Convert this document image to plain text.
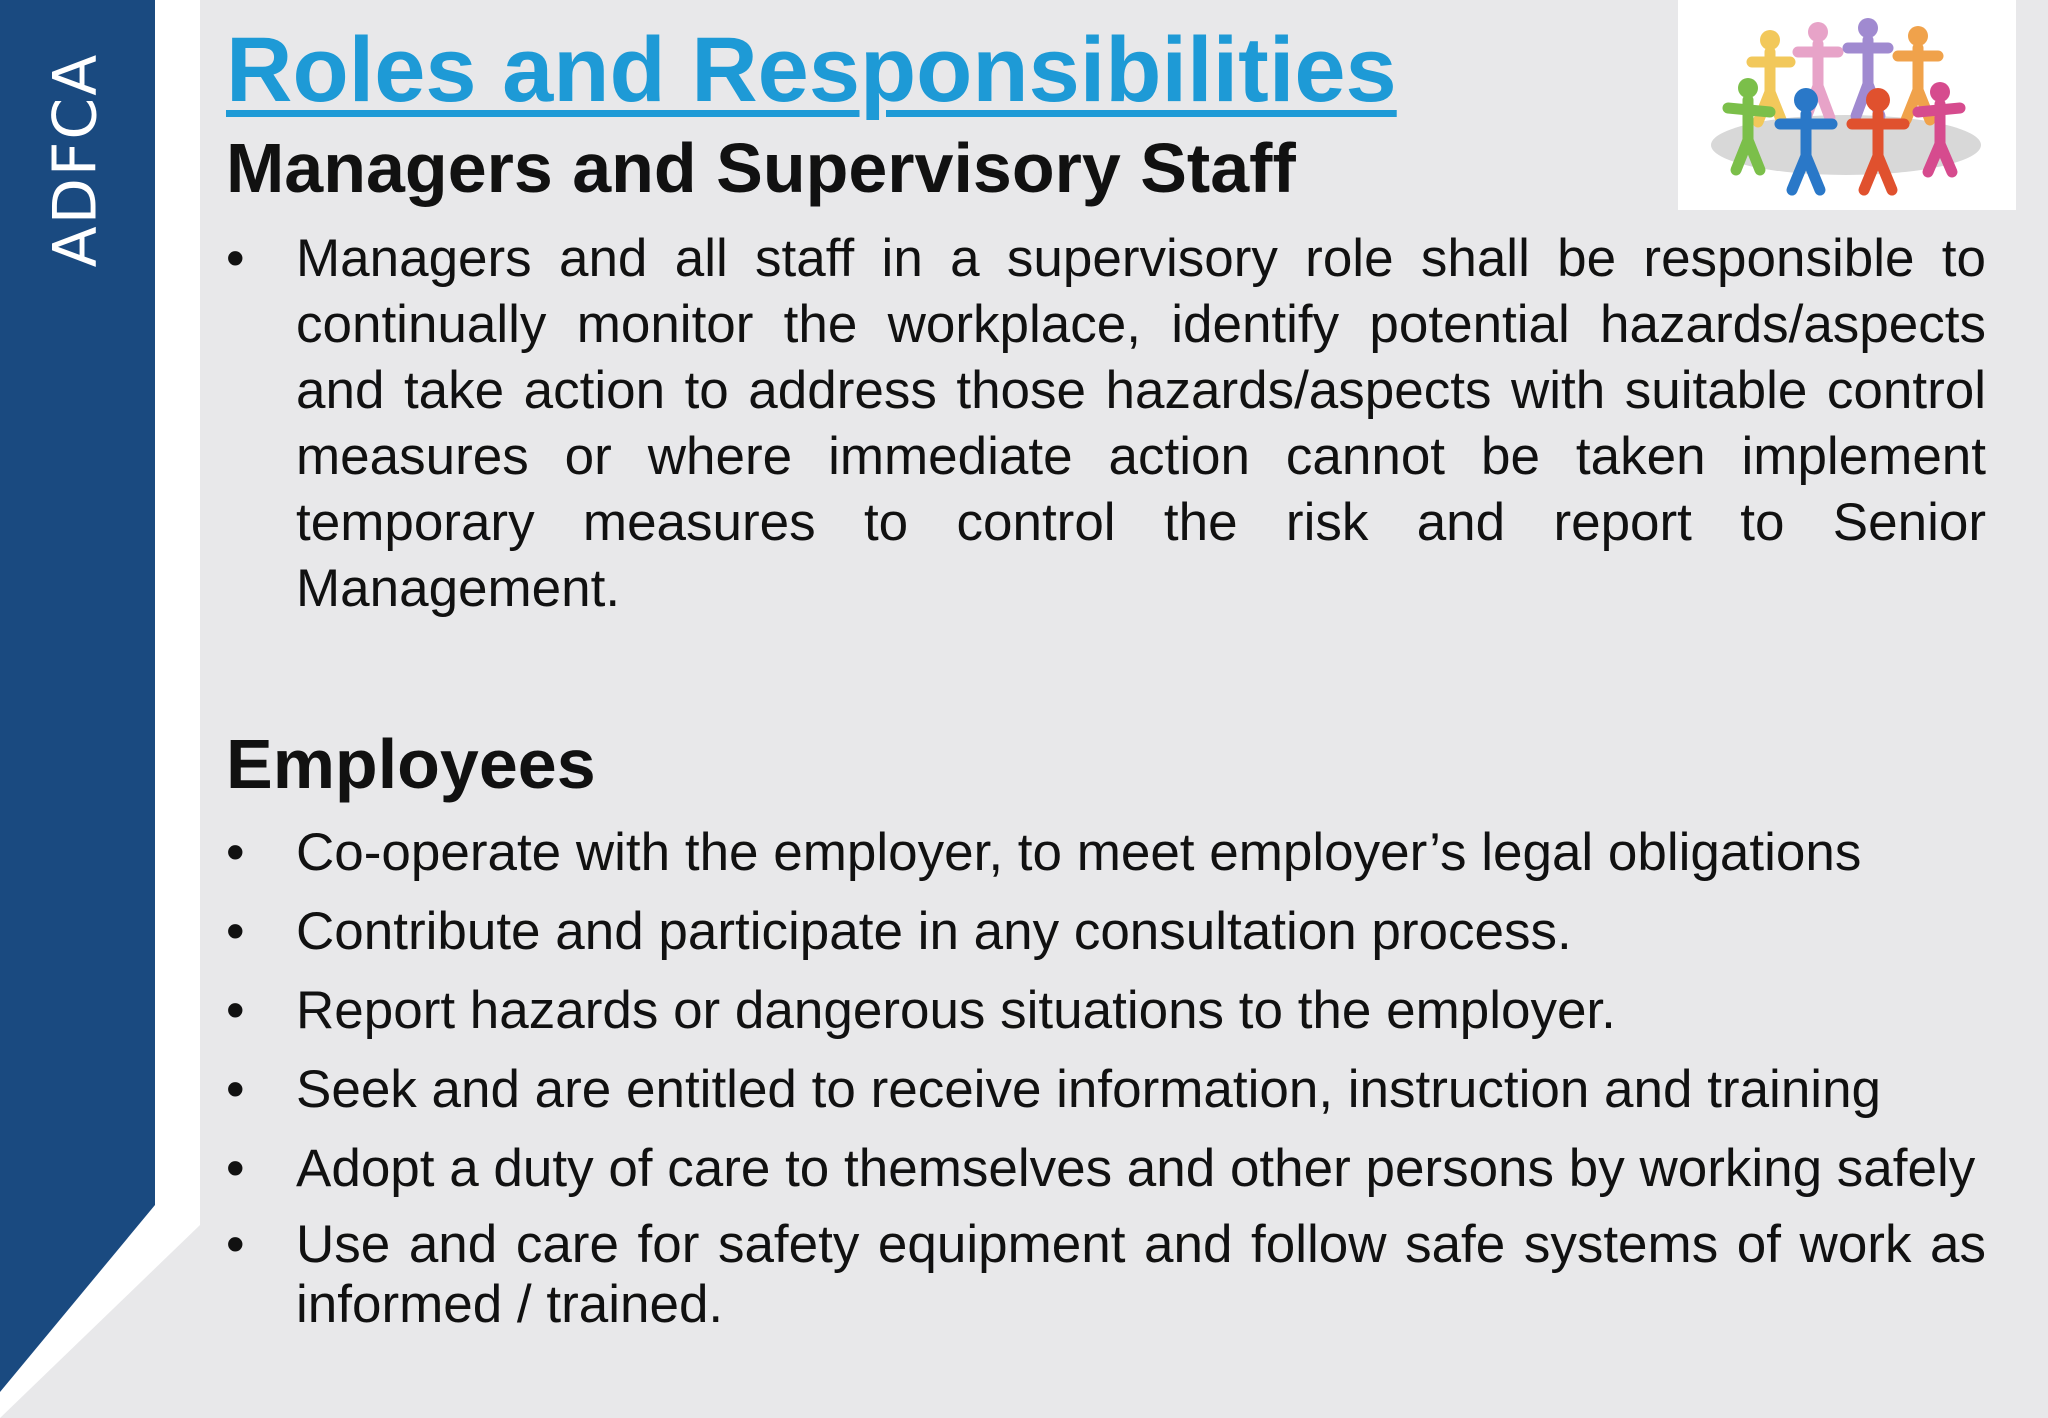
ADFCA Roles and Responsibilities
Managers and Supervisory Staff
• Managers and all staff in a supervisory role shall be responsible to continually monitor the workplace, identify potential hazards/aspects and take action to address those hazards/aspects with suitable control measures or where immediate action cannot be taken implement temporary measures to control the risk and report to Senior Management.
Employees
• Co-operate with the employer, to meet employer’s legal obligations
• Contribute and participate in any consultation process.
• Report hazards or dangerous situations to the employer.
• Seek and are entitled to receive information, instruction and training
• Adopt a duty of care to themselves and other persons by working safely
• Use and care for safety equipment and follow safe systems of work as informed / trained.
